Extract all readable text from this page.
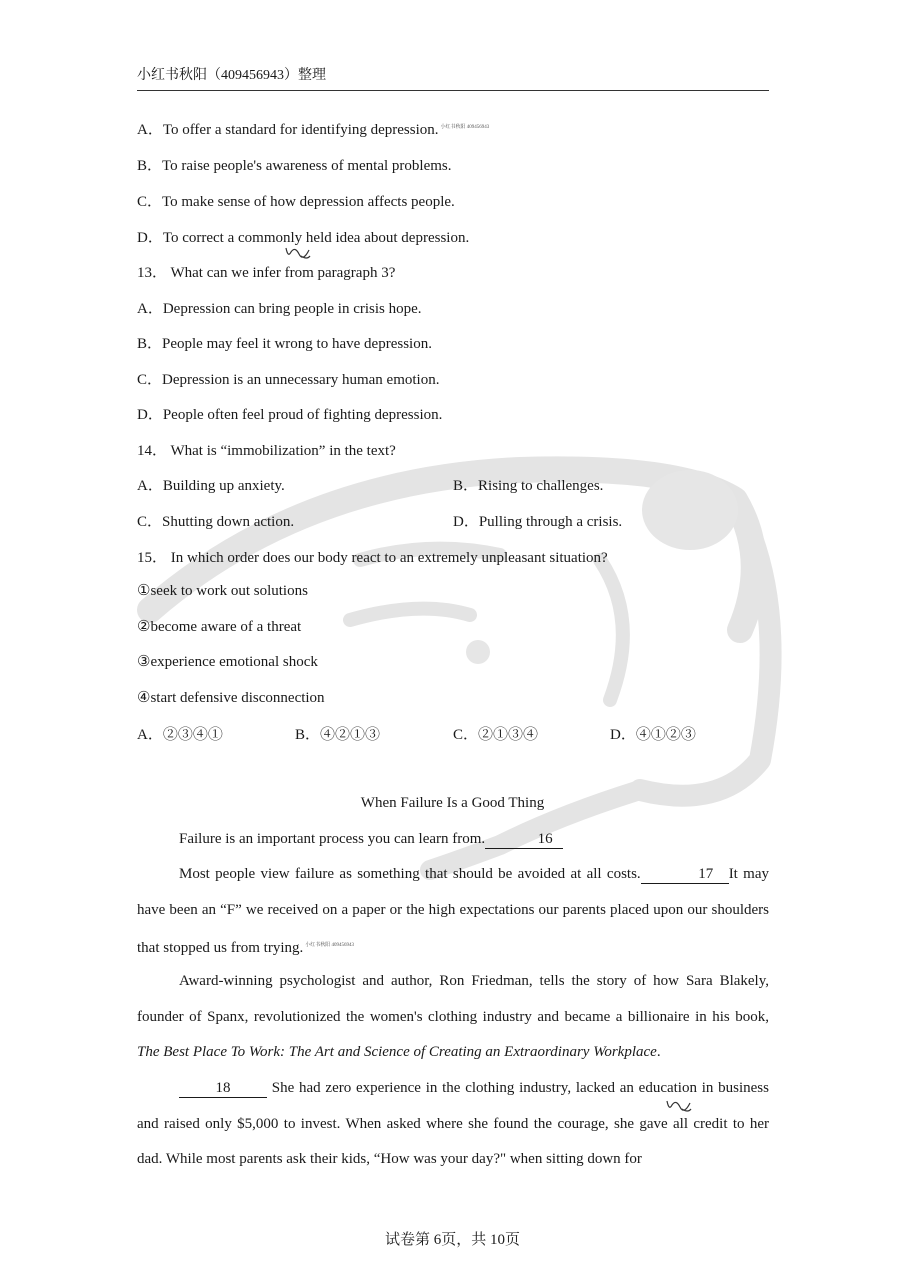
小红书秋阳（409456943）整理
A．To offer a standard for identifying depression. $^{小红书秋阳 409456943}$
B．To raise people's awareness of mental problems.
C．To make sense of how depression affects people.
D．To correct a commonly held idea about depression.
13． What can we infer from paragraph 3?
A．Depression can bring people in crisis hope.
B．People may feel it wrong to have depression.
C．Depression is an unnecessary human emotion.
D．People often feel proud of fighting depression.
14． What is “immobilization” in the text?
A．Building up anxiety.	B．Rising to challenges.
C．Shutting down action.	D．Pulling through a crisis.
15． In which order does our body react to an extremely unpleasant situation?
①seek to work out solutions
②become aware of a threat
③experience emotional shock
④start defensive disconnection
A．②③④①	B．④②①③	C．②①③④	D．④①②③
When Failure Is a Good Thing
Failure is an important process you can learn from.	16
Most people view failure as something that should be avoided at all costs.	17 It may have been an “F” we received on a paper or the high expectations our parents placed upon our shoulders that stopped us from trying. $^{小红书秋阳 409456943}$
Award-winning psychologist and author, Ron Friedman, tells the story of how Sara Blakely, founder of Spanx, revolutionized the women's clothing industry and became a billionaire in his book, The Best Place To Work: The Art and Science of Creating an Extraordinary Workplace.
18 She had zero experience in the clothing industry, lacked an education in business and raised only $5,000 to invest. When asked where she found the courage, she gave all credit to her dad. While most parents ask their kids, “How was your day?" when sitting down for
试卷第 6页，共 10页
